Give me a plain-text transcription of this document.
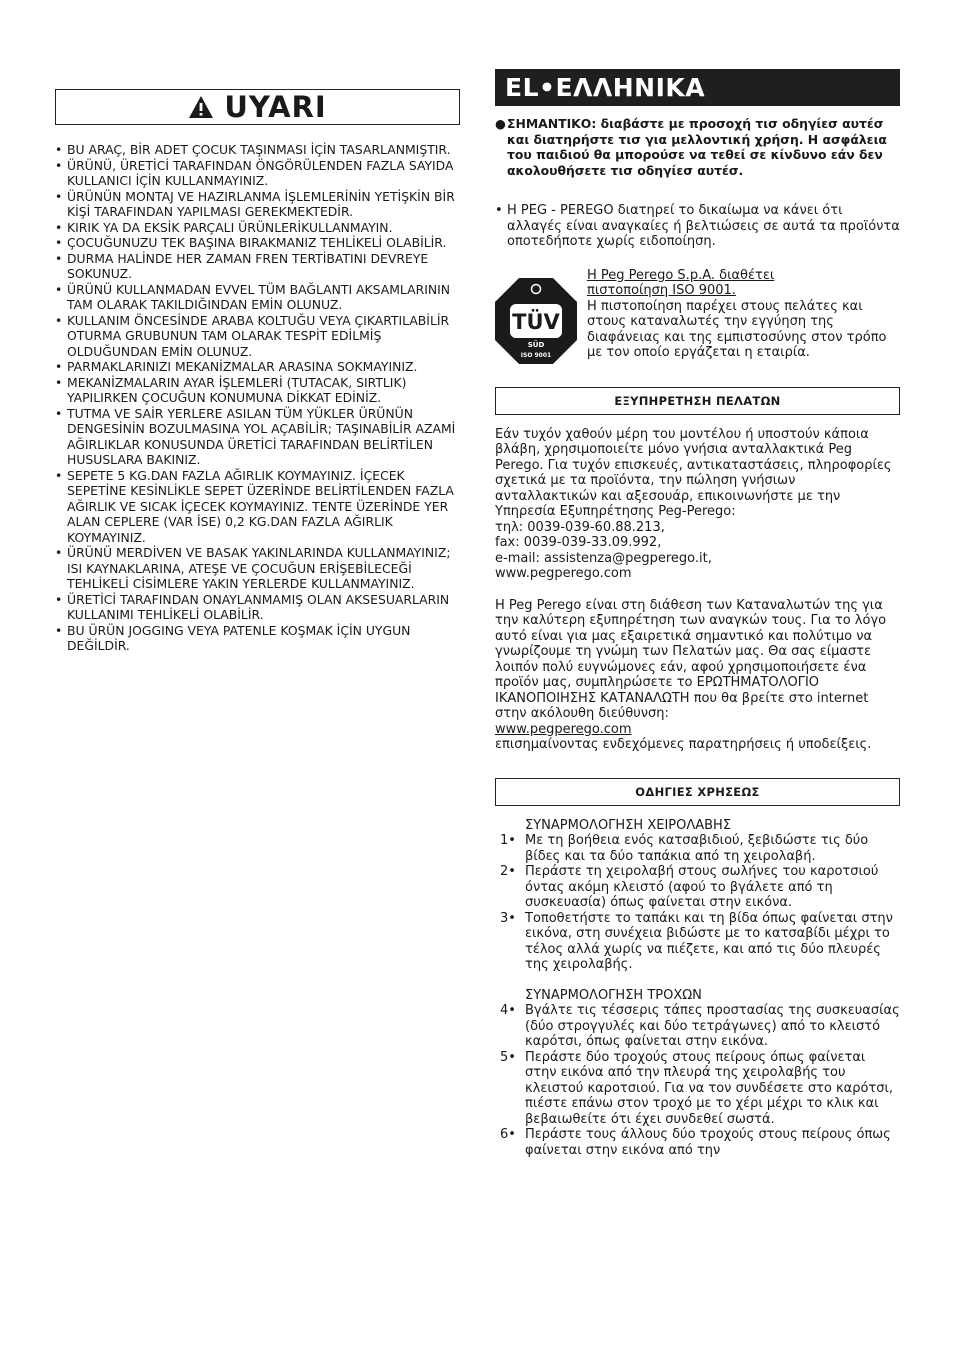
UYARI
• BU ARAÇ, BİR ADET ÇOCUK TAŞINMASI İÇİN TASARLANMIŞTIR.
• ÜRÜNÜ, ÜRETİCİ TARAFINDAN ÖNGÖRÜLENDEN FAZLA SAYIDA KULLANICI İÇİN KULLANMAYINIZ.
• ÜRÜNÜN MONTAJ VE HAZIRLANMA İŞLEMLERİNİN YETİŞKİN BİR KİŞİ TARAFINDAN YAPILMASI GEREKMEKTEDİR.
• KIRIK YA DA EKSİK PARÇALI ÜRÜNLERİKULLANMAYIN.
• ÇOCUĞUNUZU TEK BAŞINA BIRAKMANIZ TEHLİKELİ OLABİLİR.
• DURMA HALİNDE HER ZAMAN FREN TERTİBATINI DEVREYE SOKUNUZ.
• ÜRÜNÜ KULLANMADAN EVVEL TÜM BAĞLANTI AKSAMLARININ TAM OLARAK TAKILDIĞINDAN EMİN OLUNUZ.
• KULLANIM ÖNCESİNDE ARABA KOLTUĞU VEYA ÇIKARTILABİLİR OTURMA GRUBUNUN TAM OLARAK TESPİT EDİLMİŞ OLDUĞUNDAN EMİN OLUNUZ.
• PARMAKLARINIZI MEKANİZMALAR ARASINA SOKMAYINIZ.
• MEKANİZMALARIN AYAR İŞLEMLERİ (TUTACAK, SIRTLIK) YAPILIRKEN ÇOCUĞUN KONUMUNA DİKKAT EDİNİZ.
• TUTMA VE SAİR YERLERE ASILAN TÜM YÜKLER ÜRÜNÜN DENGESİNİN BOZULMASINA YOL AÇABİLİR; TAŞINABİLİR AZAMİ AĞIRLIKLAR KONUSUNDA ÜRETİCİ TARAFINDAN BELİRTİLEN HUSUSLARA BAKINIZ.
• SEPETE 5 KG.DAN FAZLA AĞIRLIK KOYMAYINIZ. İÇECEK SEPETİNE KESİNLİKLE SEPET ÜZERİNDE BELİRTİLENDEN FAZLA AĞIRLIK VE SICAK İÇECEK KOYMAYINIZ. TENTE ÜZERİNDE YER ALAN CEPLERE (VAR İSE) 0,2 KG.DAN FAZLA AĞIRLIK KOYMAYINIZ.
• ÜRÜNÜ MERDİVEN VE BASAK YAKINLARINDA KULLANMAYINIZ; ISI KAYNAKLARINA, ATEŞE VE ÇOCUĞUN ERİŞEBİLECEĞİ TEHLİKELİ CİSİMLERE YAKIN YERLERDE KULLANMAYINIZ.
• ÜRETİCİ TARAFINDAN ONAYLANMAMIŞ OLAN AKSESUARLARIN KULLANIMI TEHLİKELİ OLABİLİR.
• BU ÜRÜN JOGGING VEYA PATENLE KOŞMAK İÇİN UYGUN DEĞİLDİR.
EL•ΕΛΛΗΝΙΚΑ
● ΣΗΜΑΝΤΙΚΟ: διαβάστε με προσοχή τισ οδηγίεσ αυτέσ και διατηρήστε τισ για μελλοντική χρήση. Η ασφάλεια του παιδιού θα μπορούσε να τεθεί σε κίνδυνο εάν δεν ακολουθήσετε τισ οδηγίεσ αυτέσ.
• Η PEG - PEREGO διατηρεί το δικαίωμα να κάνει ότι αλλαγές είναι αναγκαίες ή βελτιώσεις σε αυτά τα προϊόντα οποτεδήποτε χωρίς ειδοποίηση.
TÜV
SÜD
ISO 9001
Η Peg Perego S.p.A. διαθέτει
πιστοποίηση ISO 9001.
Η πιστοποίηση παρέχει στους πελάτες και στους καταναλωτές την εγγύηση της διαφάνειας και της εμπιστοσύνης στον τρόπο με τον οποίο εργάζεται η εταιρία.
ΕΞΥΠΗΡΕΤΗΣΗ ΠΕΛΑΤΩΝ
Εάν τυχόν χαθούν μέρη του μοντέλου ή υποστούν κάποια βλάβη, χρησιμοποιείτε μόνο γνήσια ανταλλακτικά Peg Perego. Για τυχόν επισκευές, αντικαταστάσεις, πληροφορίες σχετικά με τα προϊόντα, την πώληση γνήσιων ανταλλακτικών και αξεσουάρ, επικοινωνήστε με την Υπηρεσία Εξυπηρέτησης Peg-Perego:
τηλ: 0039-039-60.88.213,
fax: 0039-039-33.09.992,
e-mail: assistenza@pegperego.it,
www.pegperego.com
Η Peg Perego είναι στη διάθεση των Καταναλωτών της για την καλύτερη εξυπηρέτηση των αναγκών τους. Για το λόγο αυτό είναι για μας εξαιρετικά σημαντικό και πολύτιμο να γνωρίζουμε τη γνώμη των Πελατών μας. Θα σας είμαστε λοιπόν πολύ ευγνώμονες εάν, αφού χρησιμοποιήσετε ένα προϊόν μας, συμπληρώσετε το ΕΡΩΤΗΜΑΤΟΛΟΓΙΟ ΙΚΑΝΟΠΟΙΗΣΗΣ ΚΑΤΑΝΑΛΩΤΗ που θα βρείτε στο internet στην ακόλουθη διεύθυνση:
www.pegperego.com
επισημαίνοντας ενδεχόμενες παρατηρήσεις ή υποδείξεις.
ΟΔΗΓΙΕΣ ΧΡΗΣΕΩΣ
ΣΥΝΑΡΜΟΛΟΓΗΣΗ ΧΕΙΡΟΛΑΒΗΣ
1• Με τη βοήθεια ενός κατσαβιδιού, ξεβιδώστε τις δύο βίδες και τα δύο ταπάκια από τη χειρολαβή.
2• Περάστε τη χειρολαβή στους σωλήνες του καροτσιού όντας ακόμη κλειστό (αφού το βγάλετε από τη συσκευασία) όπως φαίνεται στην εικόνα.
3• Τοποθετήστε το ταπάκι και τη βίδα όπως φαίνεται στην εικόνα, στη συνέχεια βιδώστε με το κατσαβίδι μέχρι το τέλος αλλά χωρίς να πιέζετε, και από τις δύο πλευρές της χειρολαβής.
ΣΥΝΑΡΜΟΛΟΓΗΣΗ ΤΡΟΧΩΝ
4• Βγάλτε τις τέσσερις τάπες προστασίας της συσκευασίας (δύο στρογγυλές και δύο τετράγωνες) από το κλειστό καρότσι, όπως φαίνεται στην εικόνα.
5• Περάστε δύο τροχούς στους πείρους όπως φαίνεται στην εικόνα από την πλευρά της χειρολαβής του κλειστού καροτσιού. Για να τον συνδέσετε στο καρότσι, πιέστε επάνω στον τροχό με το χέρι μέχρι το κλικ και βεβαιωθείτε ότι έχει συνδεθεί σωστά.
6• Περάστε τους άλλους δύο τροχούς στους πείρους όπως φαίνεται στην εικόνα από την
